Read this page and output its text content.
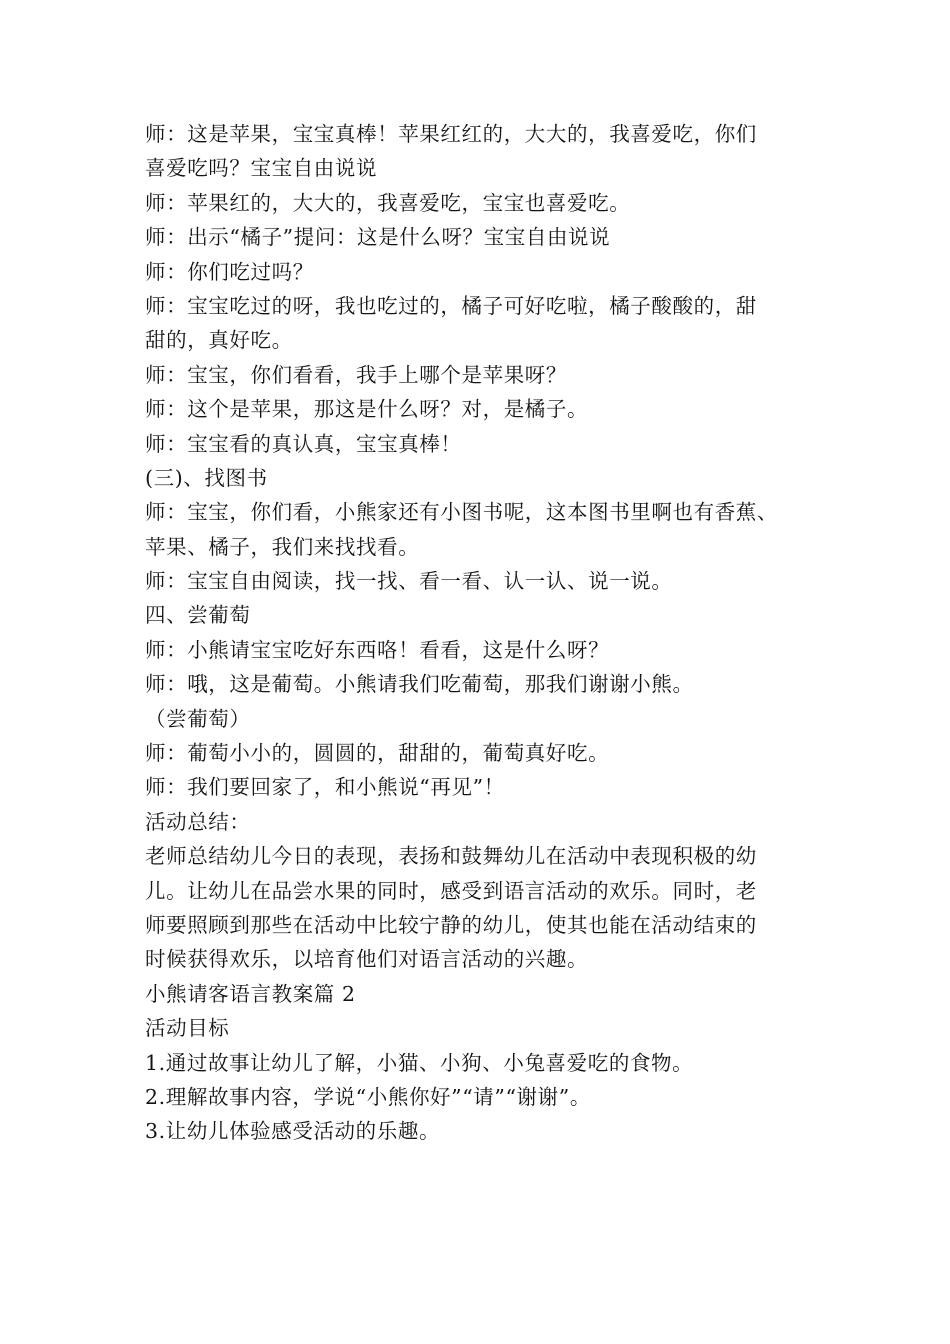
师：这是苹果，宝宝真棒！苹果红红的，大大的，我喜爱吃，你们
喜爱吃吗？宝宝自由说说
师：苹果红的，大大的，我喜爱吃，宝宝也喜爱吃。
师：出示“橘子”提问：这是什么呀？宝宝自由说说
师：你们吃过吗？
师：宝宝吃过的呀，我也吃过的，橘子可好吃啦，橘子酸酸的，甜
甜的，真好吃。
师：宝宝，你们看看，我手上哪个是苹果呀？
师：这个是苹果，那这是什么呀？对，是橘子。
师：宝宝看的真认真，宝宝真棒！
(三)、找图书
师：宝宝，你们看，小熊家还有小图书呢，这本图书里啊也有香蕉、
苹果、橘子，我们来找找看。
师：宝宝自由阅读，找一找、看一看、认一认、说一说。
四、尝葡萄
师：小熊请宝宝吃好东西咯！看看，这是什么呀？
师：哦，这是葡萄。小熊请我们吃葡萄，那我们谢谢小熊。
（尝葡萄）
师：葡萄小小的，圆圆的，甜甜的，葡萄真好吃。
师：我们要回家了，和小熊说“再见”！
活动总结：
老师总结幼儿今日的表现，表扬和鼓舞幼儿在活动中表现积极的幼
儿。让幼儿在品尝水果的同时，感受到语言活动的欢乐。同时，老
师要照顾到那些在活动中比较宁静的幼儿，使其也能在活动结束的
时候获得欢乐，以培育他们对语言活动的兴趣。
小熊请客语言教案篇 2
活动目标
1.通过故事让幼儿了解，小猫、小狗、小兔喜爱吃的食物。
2.理解故事内容，学说“小熊你好”“请”“谢谢”。
3.让幼儿体验感受活动的乐趣。
